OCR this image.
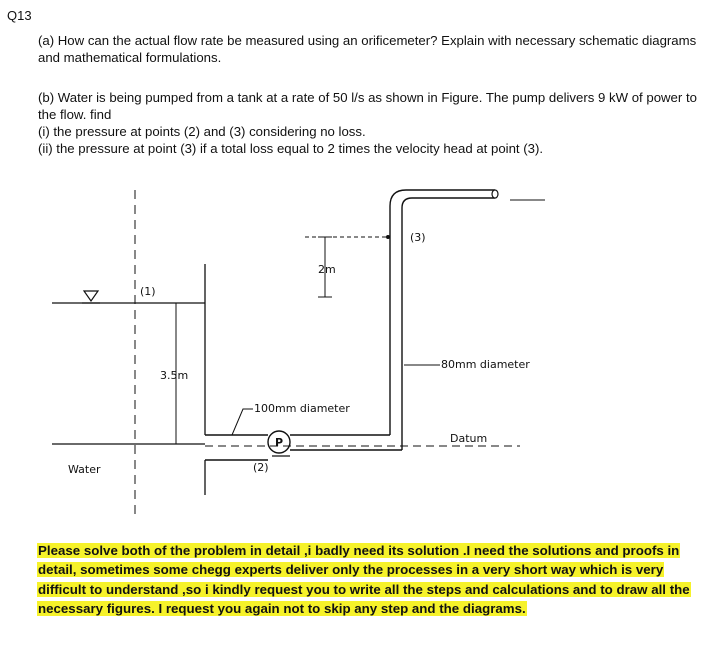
Q13
(a) How can the actual flow rate be measured using an orificemeter? Explain with necessary schematic diagrams and mathematical formulations.
(b) Water is being pumped from a tank at a rate of 50 l/s as shown in Figure. The pump delivers 9 kW of power to the flow. find
(i) the pressure at points (2) and (3) considering no loss.
(ii) the pressure at point (3) if a total loss equal to 2 times the velocity head at point (3).
3.5m
(1)
Water
P
(2)
100mm diameter
Datum
(3)
2m
80mm diameter
Please solve both of the problem in detail ,i badly need its solution .I need the solutions and proofs in detail, sometimes some chegg experts deliver only the processes in a very short way which is very difficult to understand ,so i kindly request you to write all the steps and calculations and to draw all the necessary figures. I request you again not to skip any step and the diagrams.
